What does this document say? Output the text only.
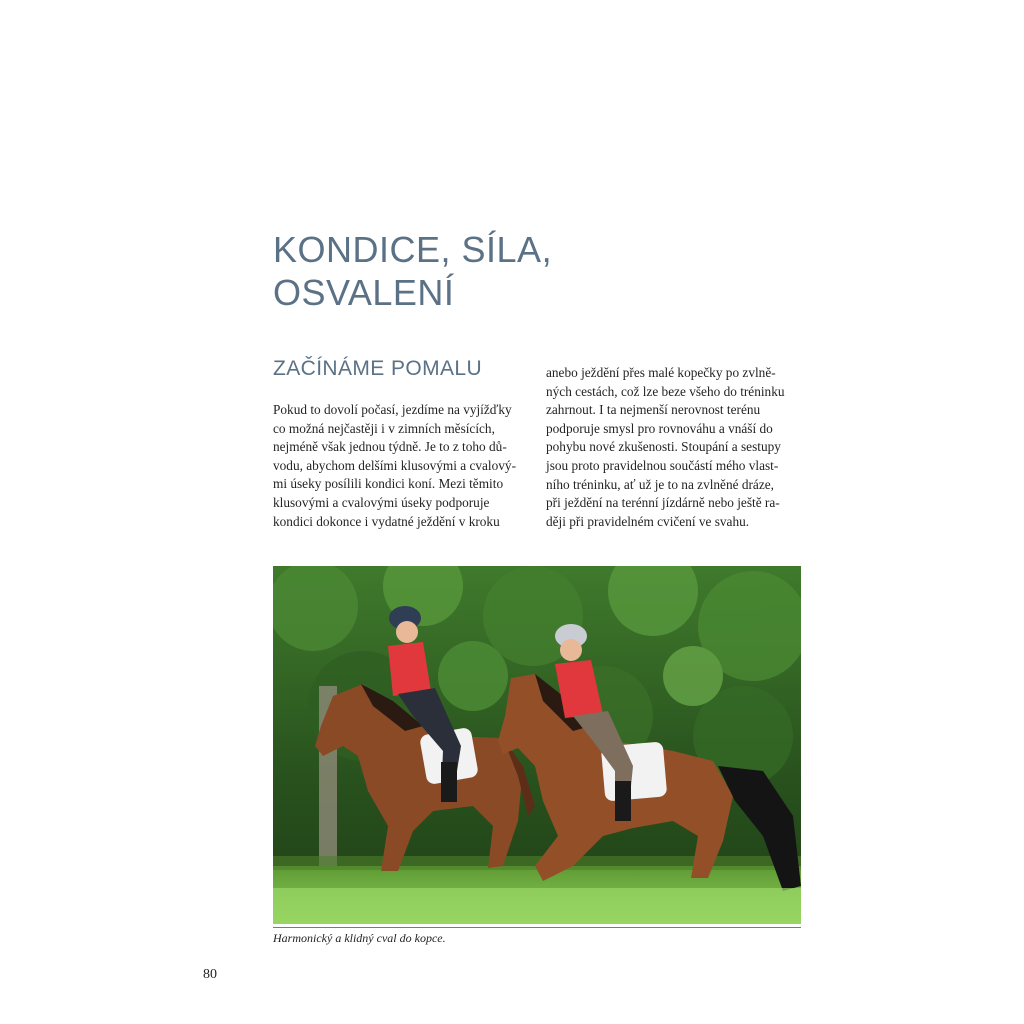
KONDICE, SÍLA,
OSVALENÍ
ZAČÍNÁME POMALU
Pokud to dovolí počasí, jezdíme na vyjížďky
co možná nejčastěji i v zimních měsících,
nejméně však jednou týdně. Je to z toho dů-
vodu, abychom delšími klusovými a cvalový-
mi úseky posílili kondici koní. Mezi těmito
klusovými a cvalovými úseky podporuje
kondici dokonce i vydatné ježdění v kroku
anebo ježdění přes malé kopečky po zvlně-
ných cestách, což lze beze všeho do tréninku
zahrnout. I ta nejmenší nerovnost terénu
podporuje smysl pro rovnováhu a vnáší do
pohybu nové zkušenosti. Stoupání a sestupy
jsou proto pravidelnou součástí mého vlast-
ního tréninku, ať už je to na zvlněné dráze,
při ježdění na terénní jízdárně nebo ještě ra-
ději při pravidelném cvičení ve svahu.
Harmonický a klidný cval do kopce.
80
